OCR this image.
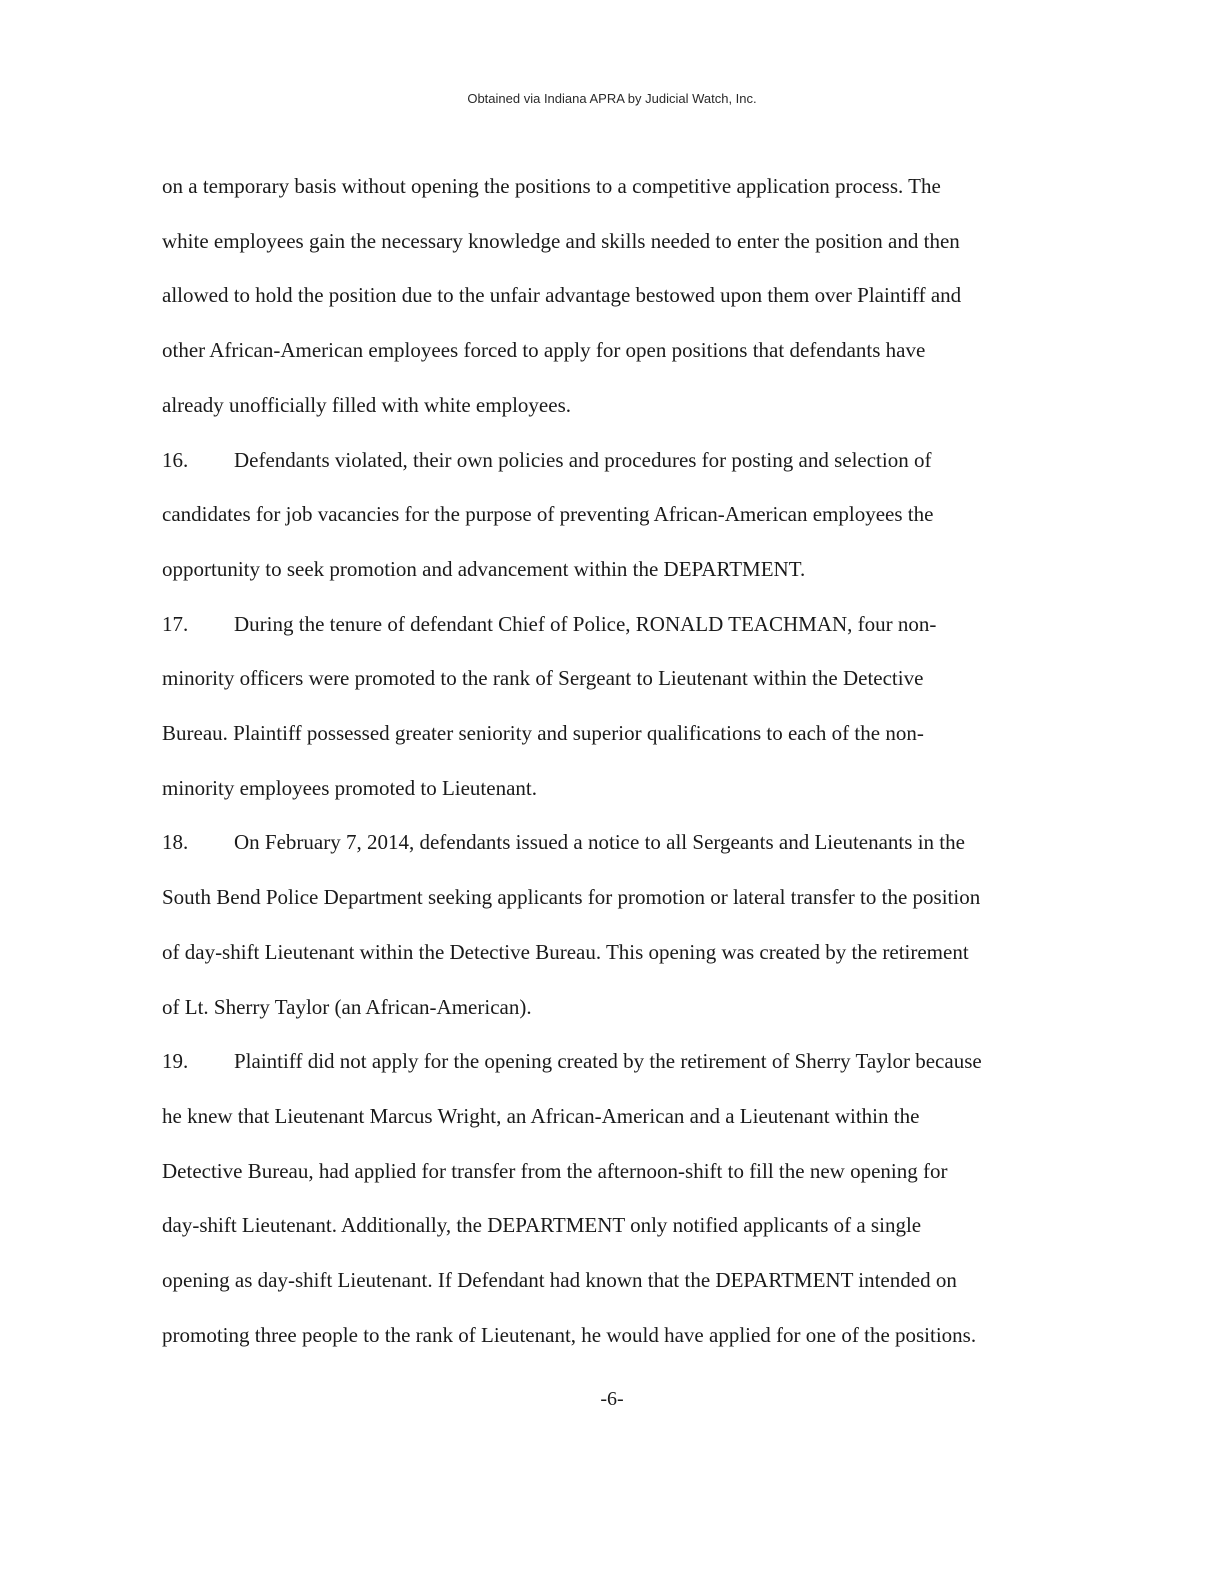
Obtained via Indiana APRA by Judicial Watch, Inc.
on a temporary basis without opening the positions to a competitive application process. The
white employees gain the necessary knowledge and skills needed to enter the position and then
allowed to hold the position due to the unfair advantage bestowed upon them over Plaintiff and
other African-American employees forced to apply for open positions that defendants have
already unofficially filled with white employees.
16. Defendants violated, their own policies and procedures for posting and selection of
candidates for job vacancies for the purpose of preventing African-American employees the
opportunity to seek promotion and advancement within the DEPARTMENT.
17. During the tenure of defendant Chief of Police, RONALD TEACHMAN, four non-
minority officers were promoted to the rank of Sergeant to Lieutenant within the Detective
Bureau. Plaintiff possessed greater seniority and superior qualifications to each of the non-
minority employees promoted to Lieutenant.
18. On February 7, 2014, defendants issued a notice to all Sergeants and Lieutenants in the
South Bend Police Department seeking applicants for promotion or lateral transfer to the position
of day-shift Lieutenant within the Detective Bureau. This opening was created by the retirement
of Lt. Sherry Taylor (an African-American).
19. Plaintiff did not apply for the opening created by the retirement of Sherry Taylor because
he knew that Lieutenant Marcus Wright, an African-American and a Lieutenant within the
Detective Bureau, had applied for transfer from the afternoon-shift to fill the new opening for
day-shift Lieutenant. Additionally, the DEPARTMENT only notified applicants of a single
opening as day-shift Lieutenant. If Defendant had known that the DEPARTMENT intended on
promoting three people to the rank of Lieutenant, he would have applied for one of the positions.
-6-
